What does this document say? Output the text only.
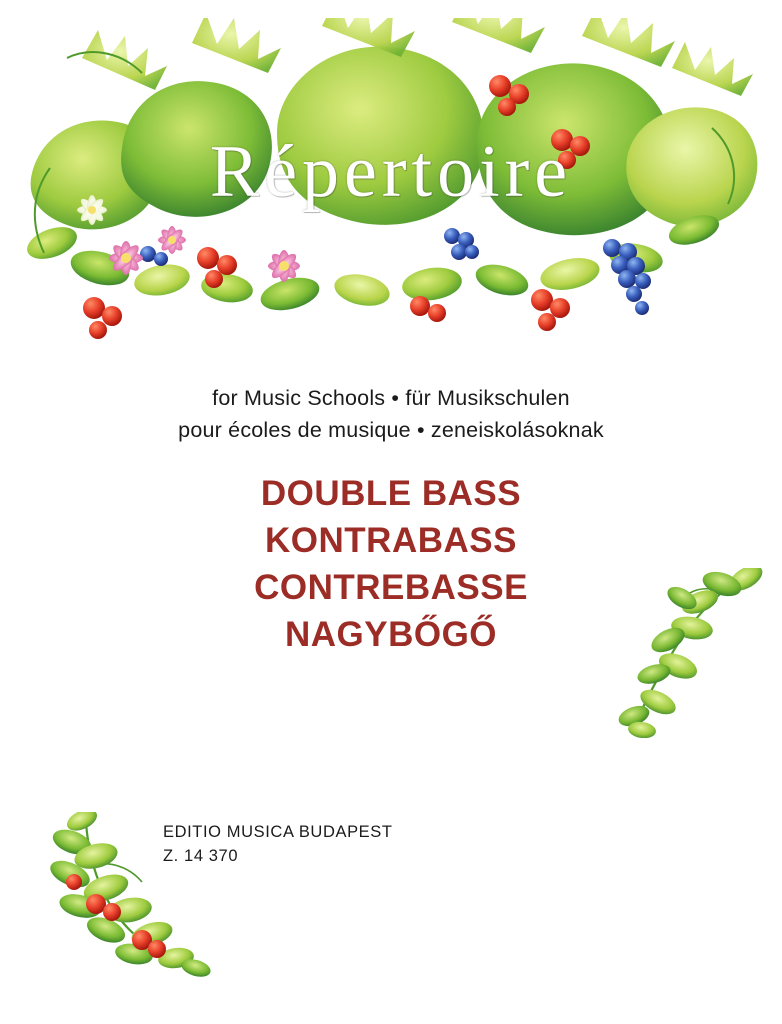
Répertoire
for Music Schools • für Musikschulen
pour écoles de musique • zeneiskolásoknak
DOUBLE BASS
KONTRABASS
CONTREBASSE
NAGYBŐGŐ
EDITIO MUSICA BUDAPEST
Z. 14 370
